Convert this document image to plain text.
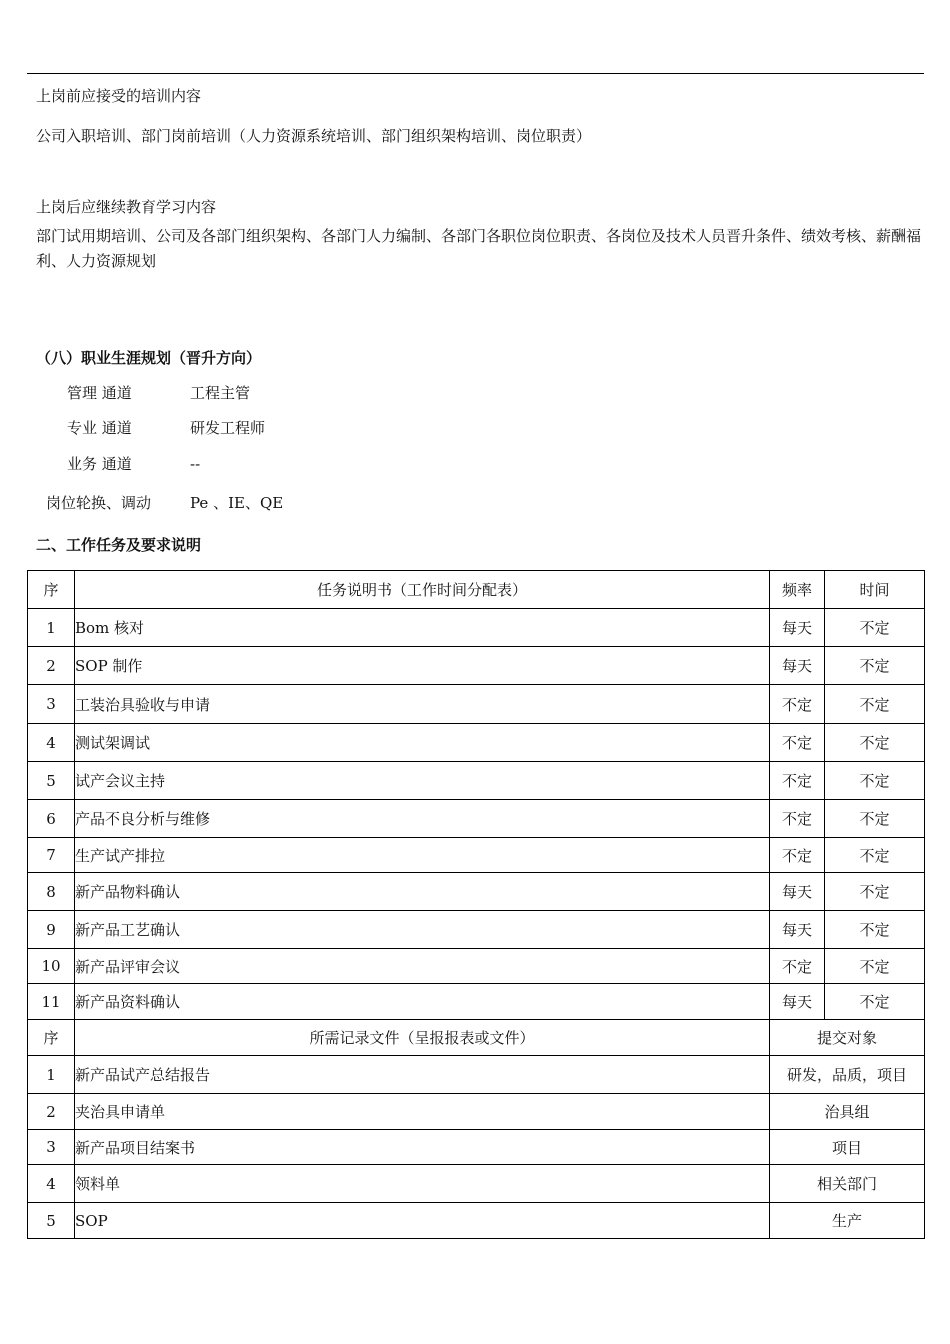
上岗前应接受的培训内容
公司入职培训、部门岗前培训（人力资源系统培训、部门组织架构培训、岗位职责）
上岗后应继续教育学习内容
部门试用期培训、公司及各部门组织架构、各部门人力编制、各部门各职位岗位职责、各岗位及技术人员晋升条件、绩效考核、薪酬福利、人力资源规划
（八）职业生涯规划（晋升方向）
管理 通道	工程主管
专业 通道	研发工程师
业务 通道	--
岗位轮换、调动	Pe 、IE、QE
二、工作任务及要求说明
序	任务说明书（工作时间分配表）	频率	时间
1	Bom 核对	每天	不定
2	SOP 制作	每天	不定
3	工装治具验收与申请	不定	不定
4	测试架调试	不定	不定
5	试产会议主持	不定	不定
6	产品不良分析与维修	不定	不定
7	生产试产排拉	不定	不定
8	新产品物料确认	每天	不定
9	新产品工艺确认	每天	不定
10	新产品评审会议	不定	不定
11	新产品资料确认	每天	不定
序	所需记录文件（呈报报表或文件）	提交对象	
1	新产品试产总结报告	研发，品质，项目	
2	夹治具申请单	治具组	
3	新产品项目结案书	项目	
4	领料单	相关部门	
5	SOP	生产	
